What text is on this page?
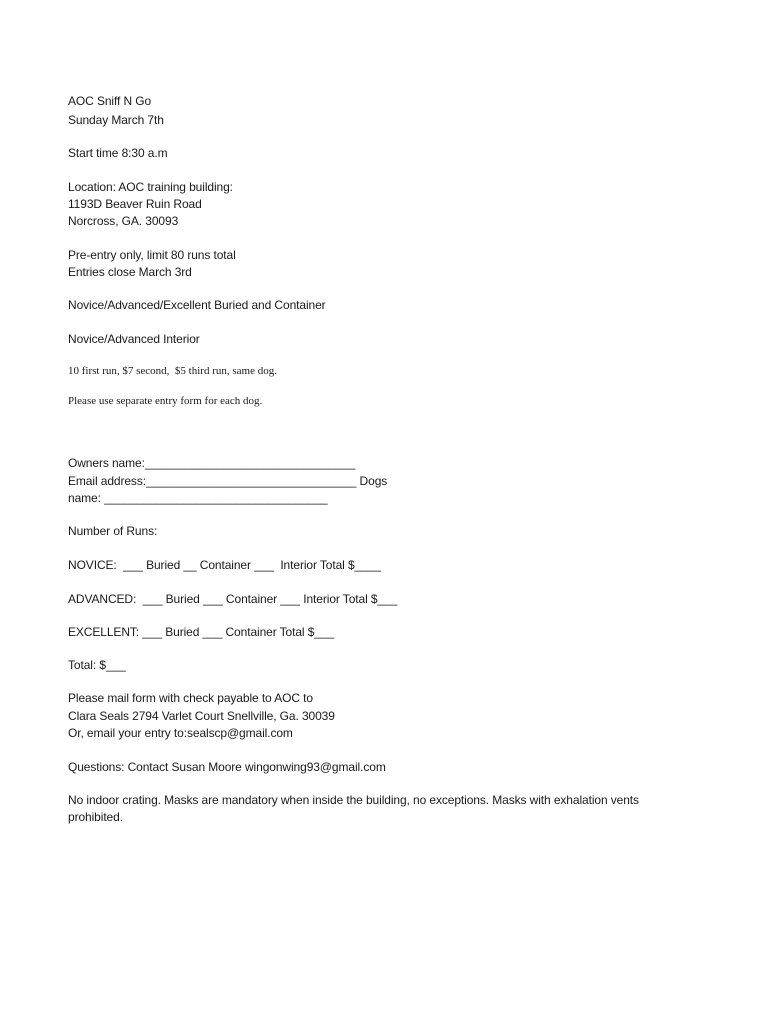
AOC Sniff N Go
Sunday March 7th
Start time 8:30 a.m
Location: AOC training building:
1193D Beaver Ruin Road
Norcross, GA. 30093
Pre-entry only, limit 80 runs total
Entries close March 3rd
Novice/Advanced/Excellent Buried and Container
Novice/Advanced Interior
10 first run, $7 second,  $5 third run, same dog.
Please use separate entry form for each dog.
Owners name:________________________________
Email address:________________________________ Dogs
name: __________________________________
Number of Runs:
NOVICE:  ___ Buried __ Container ___  Interior Total $____
ADVANCED:  ___ Buried ___ Container ___ Interior Total $___
EXCELLENT: ___ Buried ___ Container Total $___
Total: $___
Please mail form with check payable to AOC to
Clara Seals 2794 Varlet Court Snellville, Ga. 30039
Or, email your entry to:sealscp@gmail.com
Questions: Contact Susan Moore wingonwing93@gmail.com
No indoor crating. Masks are mandatory when inside the building, no exceptions. Masks with exhalation vents prohibited.
